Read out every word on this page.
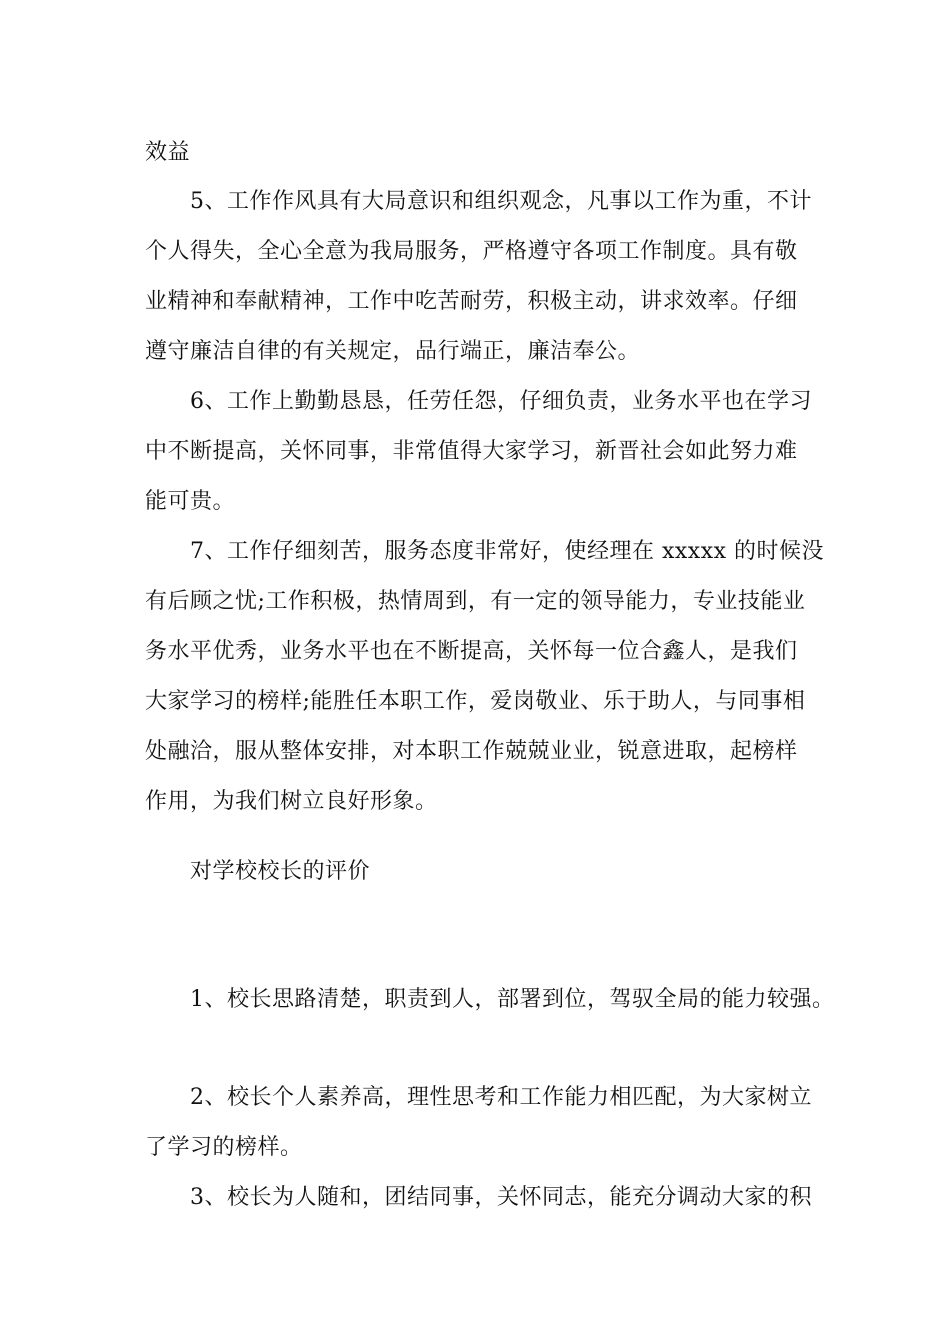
效益
5、工作作风具有大局意识和组织观念，凡事以工作为重，不计
个人得失，全心全意为我局服务，严格遵守各项工作制度。具有敬
业精神和奉献精神，工作中吃苦耐劳，积极主动，讲求效率。仔细
遵守廉洁自律的有关规定，品行端正，廉洁奉公。
6、工作上勤勤恳恳，任劳任怨，仔细负责，业务水平也在学习
中不断提高，关怀同事，非常值得大家学习，新晋社会如此努力难
能可贵。
7、工作仔细刻苦，服务态度非常好，使经理在 xxxxx 的时候没
有后顾之忧;工作积极，热情周到，有一定的领导能力，专业技能业
务水平优秀，业务水平也在不断提高，关怀每一位合鑫人，是我们
大家学习的榜样;能胜任本职工作，爱岗敬业、乐于助人，与同事相
处融洽，服从整体安排，对本职工作兢兢业业，锐意进取，起榜样
作用，为我们树立良好形象。
对学校校长的评价
1、校长思路清楚，职责到人，部署到位，驾驭全局的能力较强。
2、校长个人素养高，理性思考和工作能力相匹配，为大家树立
了学习的榜样。
3、校长为人随和，团结同事，关怀同志，能充分调动大家的积
